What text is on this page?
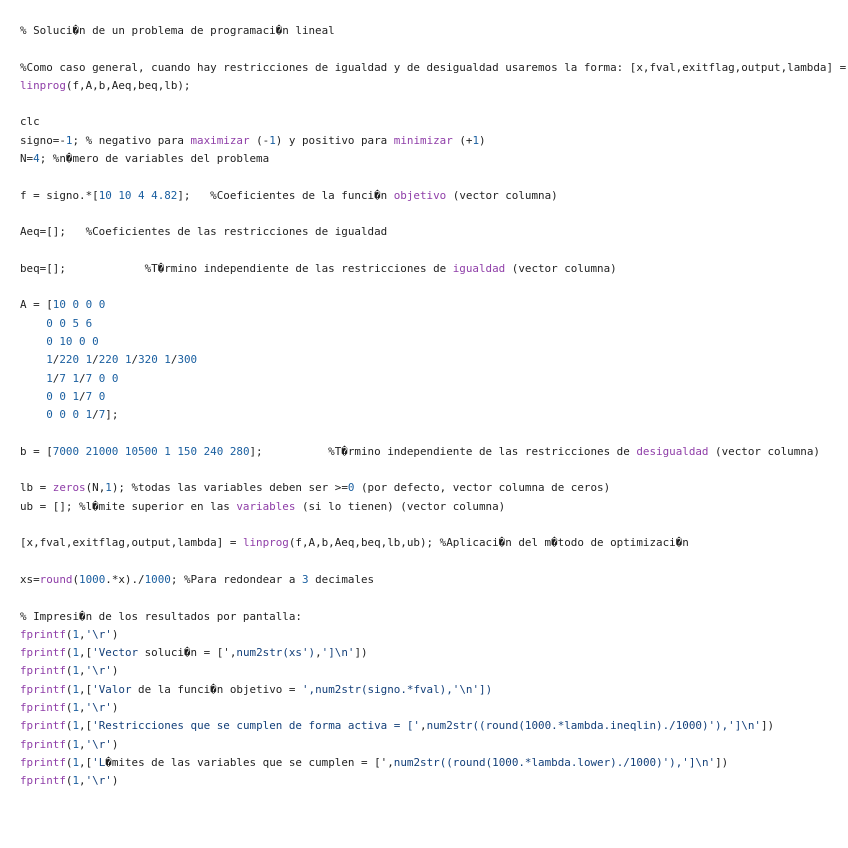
% Soluci�n de un problema de programaci�n lineal
%Como caso general, cuando hay restricciones de igualdad y de desigualdad usaremos la forma: [x,fval,exitflag,output,lambda] =
linprog(f,A,b,Aeq,beq,lb);
clc
signo=-1; % negativo para maximizar (-1) y positivo para minimizar (+1)
N=4; %n�mero de variables del problema
f = signo.*[10 10 4 4.82];   %Coeficientes de la funci�n objetivo (vector columna)
Aeq=[];   %Coeficientes de las restricciones de igualdad
beq=[];            %T�rmino independiente de las restricciones de igualdad (vector columna)
A = [10 0 0 0
0 0 5 6
0 10 0 0
1/220 1/220 1/320 1/300
1/7 1/7 0 0
0 0 1/7 0
0 0 0 1/7];
b = [7000 21000 10500 1 150 240 280];          %T�rmino independiente de las restricciones de desigualdad (vector columna)
lb = zeros(N,1); %todas las variables deben ser >=0 (por defecto, vector columna de ceros)
ub = []; %l�mite superior en las variables (si lo tienen) (vector columna)
[x,fval,exitflag,output,lambda] = linprog(f,A,b,Aeq,beq,lb,ub); %Aplicaci�n del m�todo de optimizaci�n
xs=round(1000.*x)./1000; %Para redondear a 3 decimales
% Impresi�n de los resultados por pantalla:
fprintf(1,'\r')
fprintf(1,['Vector soluci�n = [',num2str(xs'),']\n'])
fprintf(1,'\r')
fprintf(1,['Valor de la funci�n objetivo = ',num2str(signo.*fval),'\n'])
fprintf(1,'\r')
fprintf(1,['Restricciones que se cumplen de forma activa = [',num2str((round(1000.*lambda.ineqlin)./1000)'),']\n'])
fprintf(1,'\r')
fprintf(1,['L�mites de las variables que se cumplen = [',num2str((round(1000.*lambda.lower)./1000)'),']\n'])
fprintf(1,'\r')
